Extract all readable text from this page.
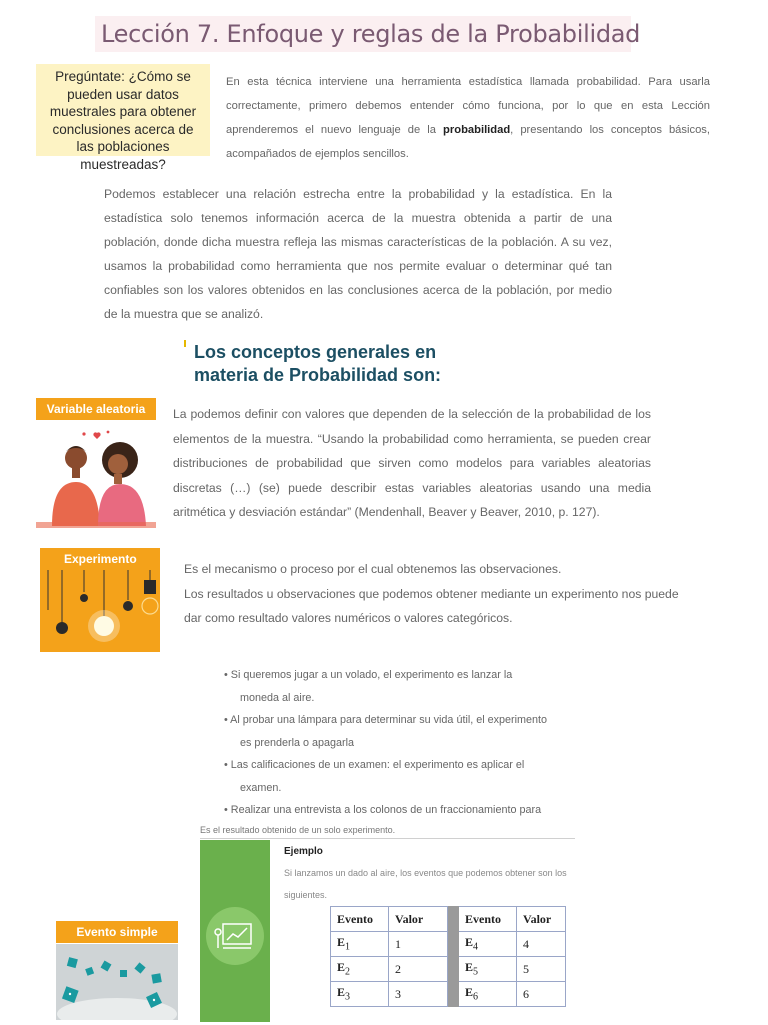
Lección 7. Enfoque y reglas de la Probabilidad
Pregúntate: ¿Cómo se pueden usar datos muestrales para obtener conclusiones acerca de las poblaciones muestreadas?
En esta técnica interviene una herramienta estadística llamada probabilidad. Para usarla correctamente, primero debemos entender cómo funciona, por lo que en esta Lección aprenderemos el nuevo lenguaje de la probabilidad, presentando los conceptos básicos, acompañados de ejemplos sencillos.
Podemos establecer una relación estrecha entre la probabilidad y la estadística. En la estadística solo tenemos información acerca de la muestra obtenida a partir de una población, donde dicha muestra refleja las mismas características de la población. A su vez, usamos la probabilidad como herramienta que nos permite evaluar o determinar qué tan confiables son los valores obtenidos en las conclusiones acerca de la población, por medio de la muestra que se analizó.
Los conceptos generales en materia de Probabilidad son:
Variable aleatoria	La podemos definir con valores que dependen de la selección de la probabilidad de los elementos de la muestra. “Usando la probabilidad como herramienta, se pueden crear distribuciones de probabilidad que sirven como modelos para variables aleatorias discretas (…) (se) puede describir estas variables aleatorias usando una media aritmética y desviación estándar” (Mendenhall, Beaver y Beaver, 2010, p. 127).
Experimento
Es el mecanismo o proceso por el cual obtenemos las observaciones.
Los resultados u observaciones que podemos obtener mediante un experimento nos puede dar como resultado valores numéricos o valores categóricos.
• Si queremos jugar a un volado, el experimento es lanzar la
moneda al aire.
• Al probar una lámpara para determinar su vida útil, el experimento
es prenderla o apagarla
• Las calificaciones de un examen: el experimento es aplicar el
examen.
• Realizar una entrevista a los colonos de un fraccionamiento para
Es el resultado obtenido de un solo experimento.
Ejemplo
Si lanzamos un dado al aire, los eventos que podemos obtener son los siguientes.
Evento	Valor		Evento	Valor
$E_1$	1		$E_4$	4
$E_2$	2		$E_5$	5
$E_3$	3		$E_6$	6
Evento simple
